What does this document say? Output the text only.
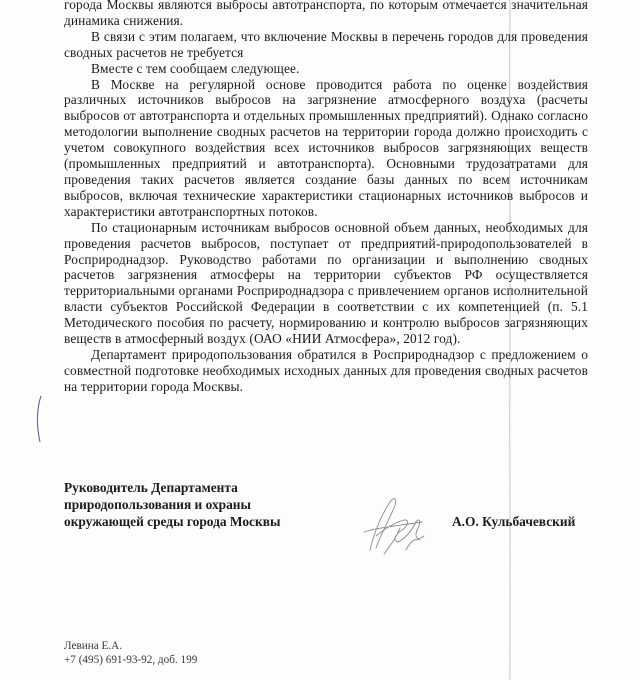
города Москвы являются выбросы автотранспорта, по которым отмечается значительная динамика снижения.

В связи с этим полагаем, что включение Москвы в перечень городов для проведения сводных расчетов не требуется

Вместе с тем сообщаем следующее.

В Москве на регулярной основе проводится работа по оценке воздействия различных источников выбросов на загрязнение атмосферного воздуха (расчеты выбросов от автотранспорта и отдельных промышленных предприятий). Однако согласно методологии выполнение сводных расчетов на территории города должно происходить с учетом совокупного воздействия всех источников выбросов загрязняющих веществ (промышленных предприятий и автотранспорта). Основными трудозатратами для проведения таких расчетов является создание базы данных по всем источникам выбросов, включая технические характеристики стационарных источников выбросов и характеристики автотранспортных потоков.

По стационарным источникам выбросов основной объем данных, необходимых для проведения расчетов выбросов, поступает от предприятий-природопользователей в Росприроднадзор. Руководство работами по организации и выполнению сводных расчетов загрязнения атмосферы на территории субъектов РФ осуществляется территориальными органами Росприроднадзора с привлечением органов исполнительной власти субъектов Российской Федерации в соответствии с их компетенцией (п. 5.1 Методического пособия по расчету, нормированию и контролю выбросов загрязняющих веществ в атмосферный воздух (ОАО «НИИ Атмосфера», 2012 год).

Департамент природопользования обратился в Росприроднадзор с предложением о совместной подготовке необходимых исходных данных для проведения сводных расчетов на территории города Москвы.

Руководитель Департамента
природопользования и охраны
окружающей среды города Москвы	А.О. Кульбачевский
Левина Е.А.
+7 (495) 691-93-92, доб. 199
